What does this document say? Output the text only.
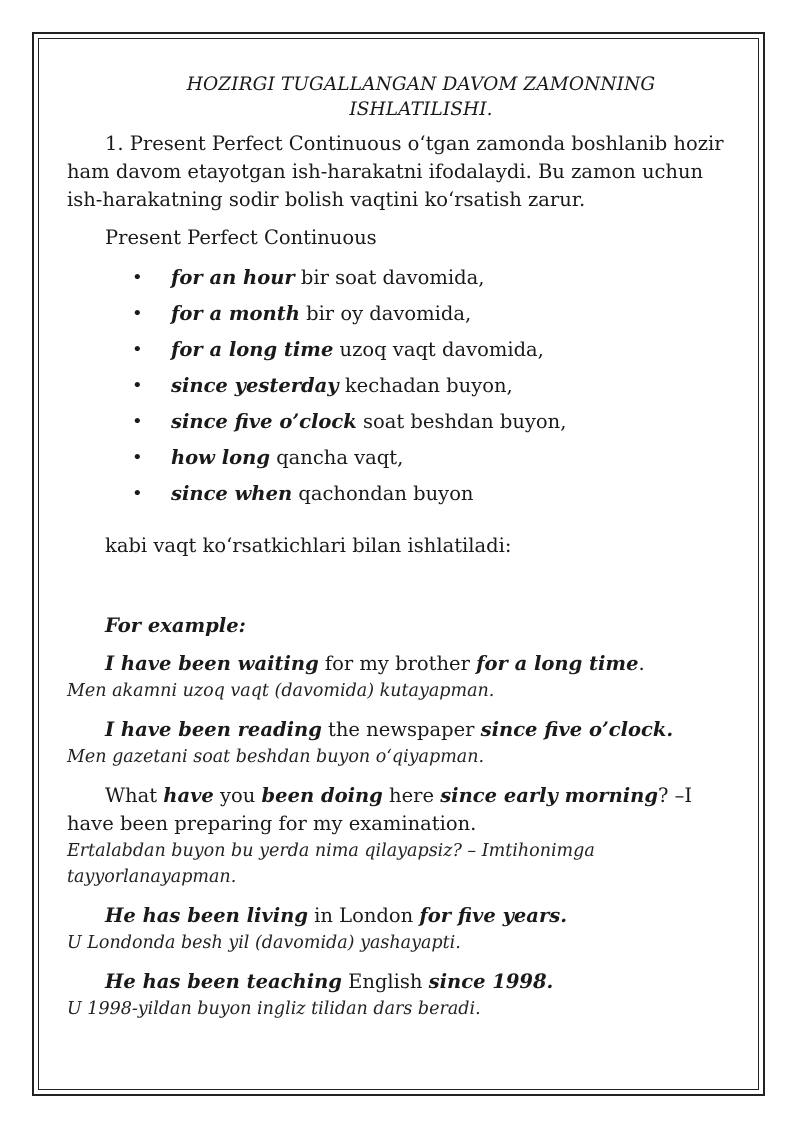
HOZIRGI TUGALLANGAN DAVOM ZAMONNING
ISHLATILISHI.

1. Present Perfect Continuous o‘tgan zamonda boshlanib hozir ham davom etayotgan ish-harakatni ifodalaydi. Bu zamon uchun ish-harakatning sodir bolish vaqtini ko‘rsatish zarur.

Present Perfect Continuous

• for an hour bir soat davomida,
• for a month bir oy davomida,
• for a long time uzoq vaqt davomida,
• since yesterday kechadan buyon,
• since five o’clock soat beshdan buyon,
• how long qancha vaqt,
• since when qachondan buyon

kabi vaqt ko‘rsatkichlari bilan ishlatiladi:

For example:

I have been waiting for my brother for a long time.

Men akamni uzoq vaqt (davomida) kutayapman.

I have been reading the newspaper since five o’clock.

Men gazetani soat beshdan buyon o‘qiyapman.

What have you been doing here since early morning? –I have been preparing for my examination.

Ertalabdan buyon bu yerda nima qilayapsiz? – Imtihonimga tayyorlanayapman.

He has been living in London for five years.

U Londonda besh yil (davomida) yashayapti.

He has been teaching English since 1998.

U 1998-yildan buyon ingliz tilidan dars beradi.
